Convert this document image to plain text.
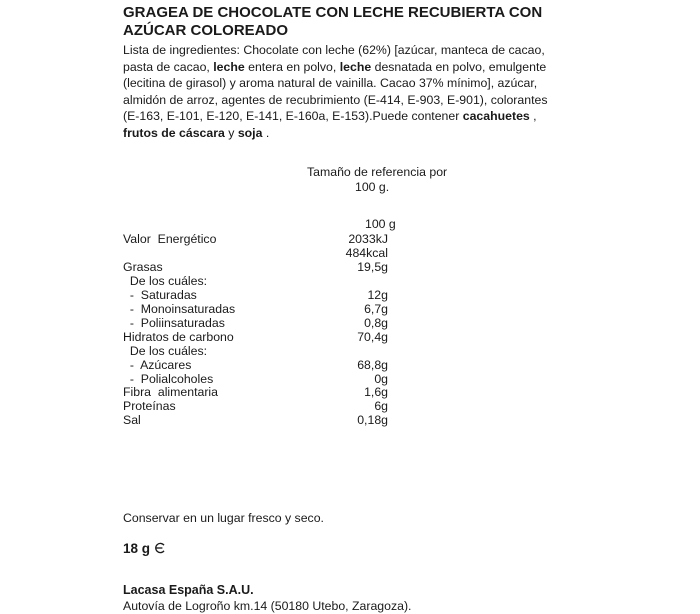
GRAGEA DE CHOCOLATE CON LECHE RECUBIERTA CON
AZÚCAR COLOREADO
Lista de ingredientes: Chocolate con leche (62%) [azúcar, manteca de cacao, pasta de cacao, leche entera en polvo, leche desnatada en polvo, emulgente (lecitina de girasol) y aroma natural de vainilla. Cacao 37% mínimo], azúcar, almidón de arroz, agentes de recubrimiento (E-414, E-903, E-901), colorantes (E-163, E-101, E-120, E-141, E-160a, E-153).Puede contener cacahuetes , frutos de cáscara y soja .
Tamaño de referencia por
100 g.
100 g
Valor  Energético	2033kJ
484kcal
Grasas	19,5g
De los cuáles:
-  Saturadas	12g
-  Monoinsaturadas	6,7g
-  Poliinsaturadas	0,8g
Hidratos de carbono	70,4g
De los cuáles:
-  Azúcares	68,8g
-  Polialcoholes	0g
Fibra  alimentaria	1,6g
Proteínas	6g
Sal	0,18g
Conservar en un lugar fresco y seco.
18 g
Lacasa España S.A.U.
Autovía de Logroño km.14 (50180 Utebo, Zaragoza).
